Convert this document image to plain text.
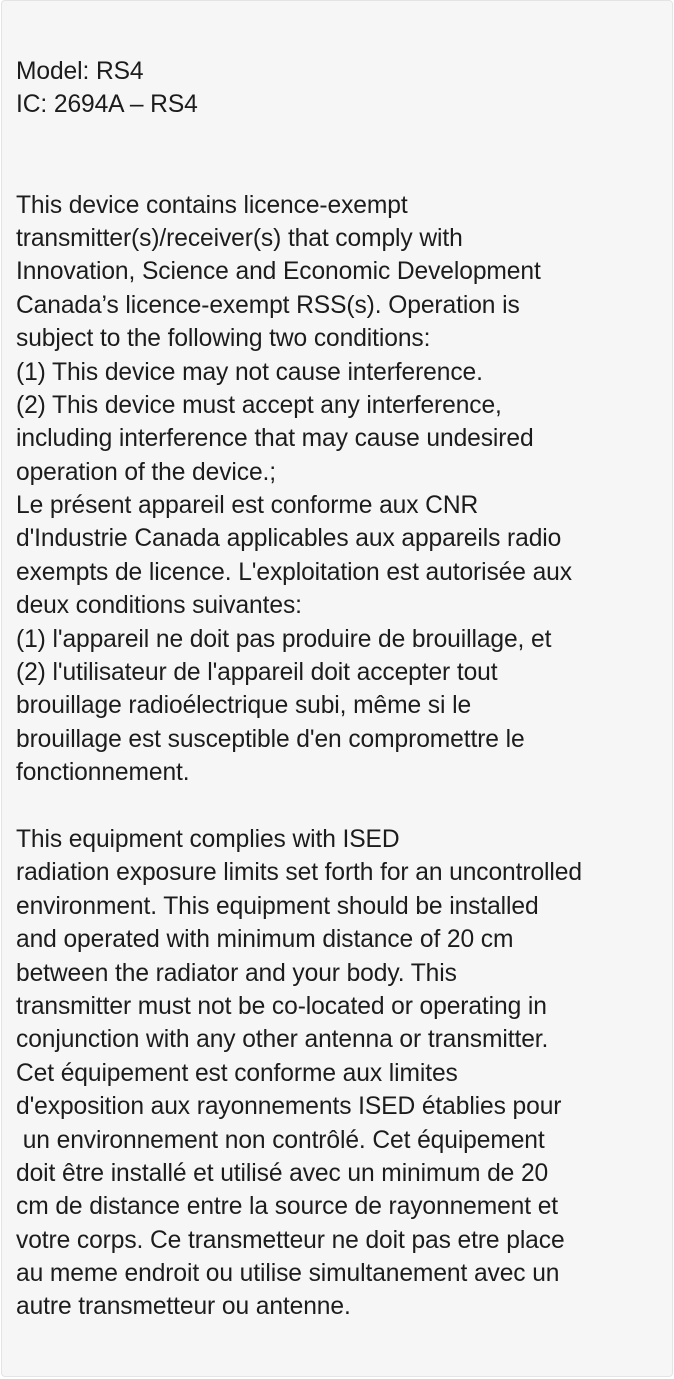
Model: RS4
IC: 2694A – RS4
This device contains licence-exempt
transmitter(s)/receiver(s) that comply with
Innovation, Science and Economic Development
Canada’s licence-exempt RSS(s). Operation is
subject to the following two conditions:
(1) This device may not cause interference.
(2) This device must accept any interference,
including interference that may cause undesired
operation of the device.;
Le présent appareil est conforme aux CNR
d'Industrie Canada applicables aux appareils radio
exempts de licence. L'exploitation est autorisée aux
deux conditions suivantes:
(1) l'appareil ne doit pas produire de brouillage, et
(2) l'utilisateur de l'appareil doit accepter tout
brouillage radioélectrique subi, même si le
brouillage est susceptible d'en compromettre le
fonctionnement.
This equipment complies with ISED
radiation exposure limits set forth for an uncontrolled
environment. This equipment should be installed
and operated with minimum distance of 20 cm
between the radiator and your body. This
transmitter must not be co-located or operating in
conjunction with any other antenna or transmitter.
Cet équipement est conforme aux limites
d'exposition aux rayonnements ISED établies pour
un environnement non contrôlé. Cet équipement
doit être installé et utilisé avec un minimum de 20
cm de distance entre la source de rayonnement et
votre corps. Ce transmetteur ne doit pas etre place
au meme endroit ou utilise simultanement avec un
autre transmetteur ou antenne.
